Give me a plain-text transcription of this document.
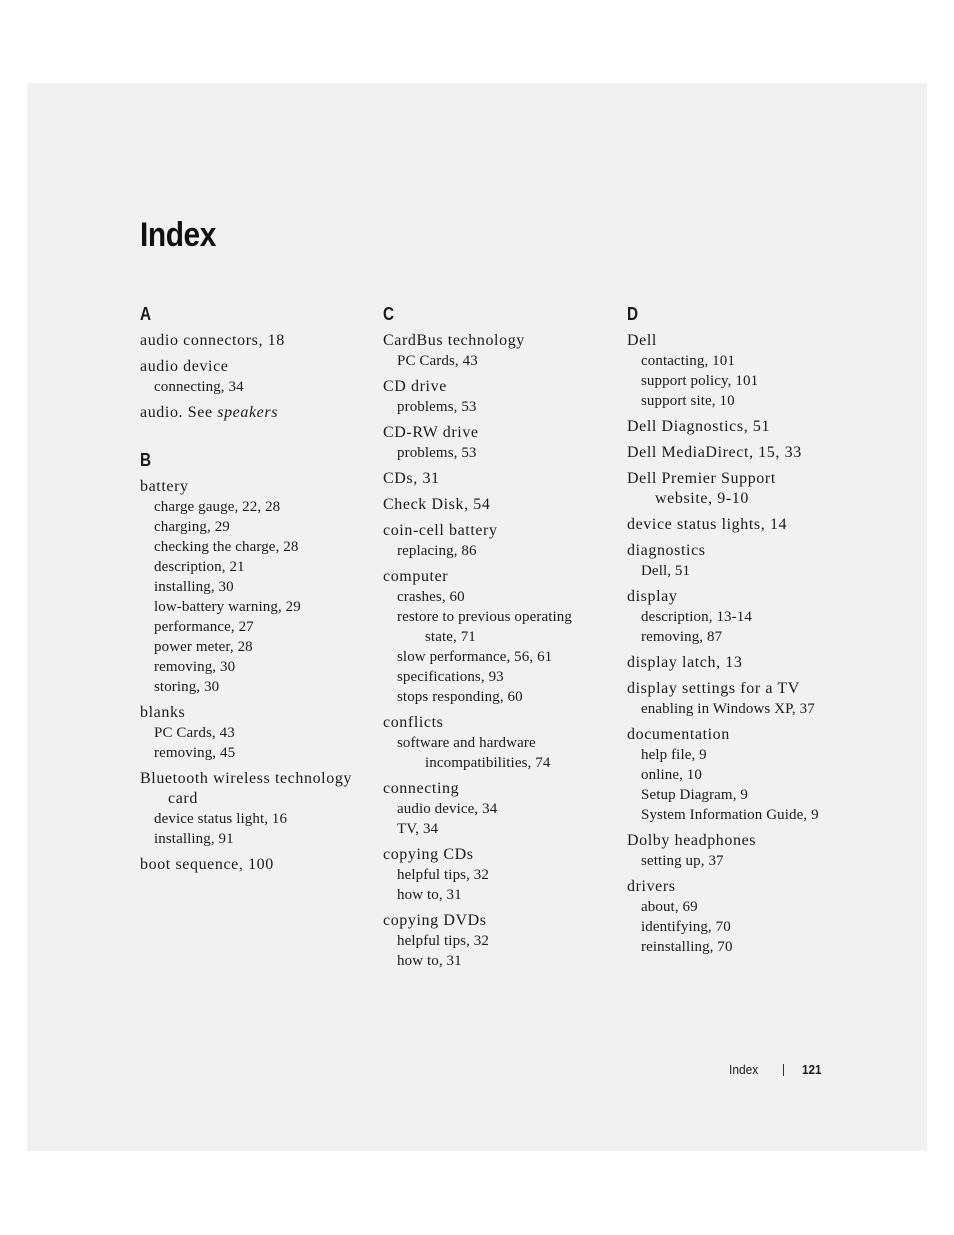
Index
A
audio connectors, 18
audio device
connecting, 34
audio. See speakers
B
battery
charge gauge, 22, 28
charging, 29
checking the charge, 28
description, 21
installing, 30
low-battery warning, 29
performance, 27
power meter, 28
removing, 30
storing, 30
blanks
PC Cards, 43
removing, 45
Bluetooth wireless technology
card
device status light, 16
installing, 91
boot sequence, 100
C
CardBus technology
PC Cards, 43
CD drive
problems, 53
CD-RW drive
problems, 53
CDs, 31
Check Disk, 54
coin-cell battery
replacing, 86
computer
crashes, 60
restore to previous operating
state, 71
slow performance, 56, 61
specifications, 93
stops responding, 60
conflicts
software and hardware
incompatibilities, 74
connecting
audio device, 34
TV, 34
copying CDs
helpful tips, 32
how to, 31
copying DVDs
helpful tips, 32
how to, 31
D
Dell
contacting, 101
support policy, 101
support site, 10
Dell Diagnostics, 51
Dell MediaDirect, 15, 33
Dell Premier Support
website, 9-10
device status lights, 14
diagnostics
Dell, 51
display
description, 13-14
removing, 87
display latch, 13
display settings for a TV
enabling in Windows XP, 37
documentation
help file, 9
online, 10
Setup Diagram, 9
System Information Guide, 9
Dolby headphones
setting up, 37
drivers
about, 69
identifying, 70
reinstalling, 70
Index	121
